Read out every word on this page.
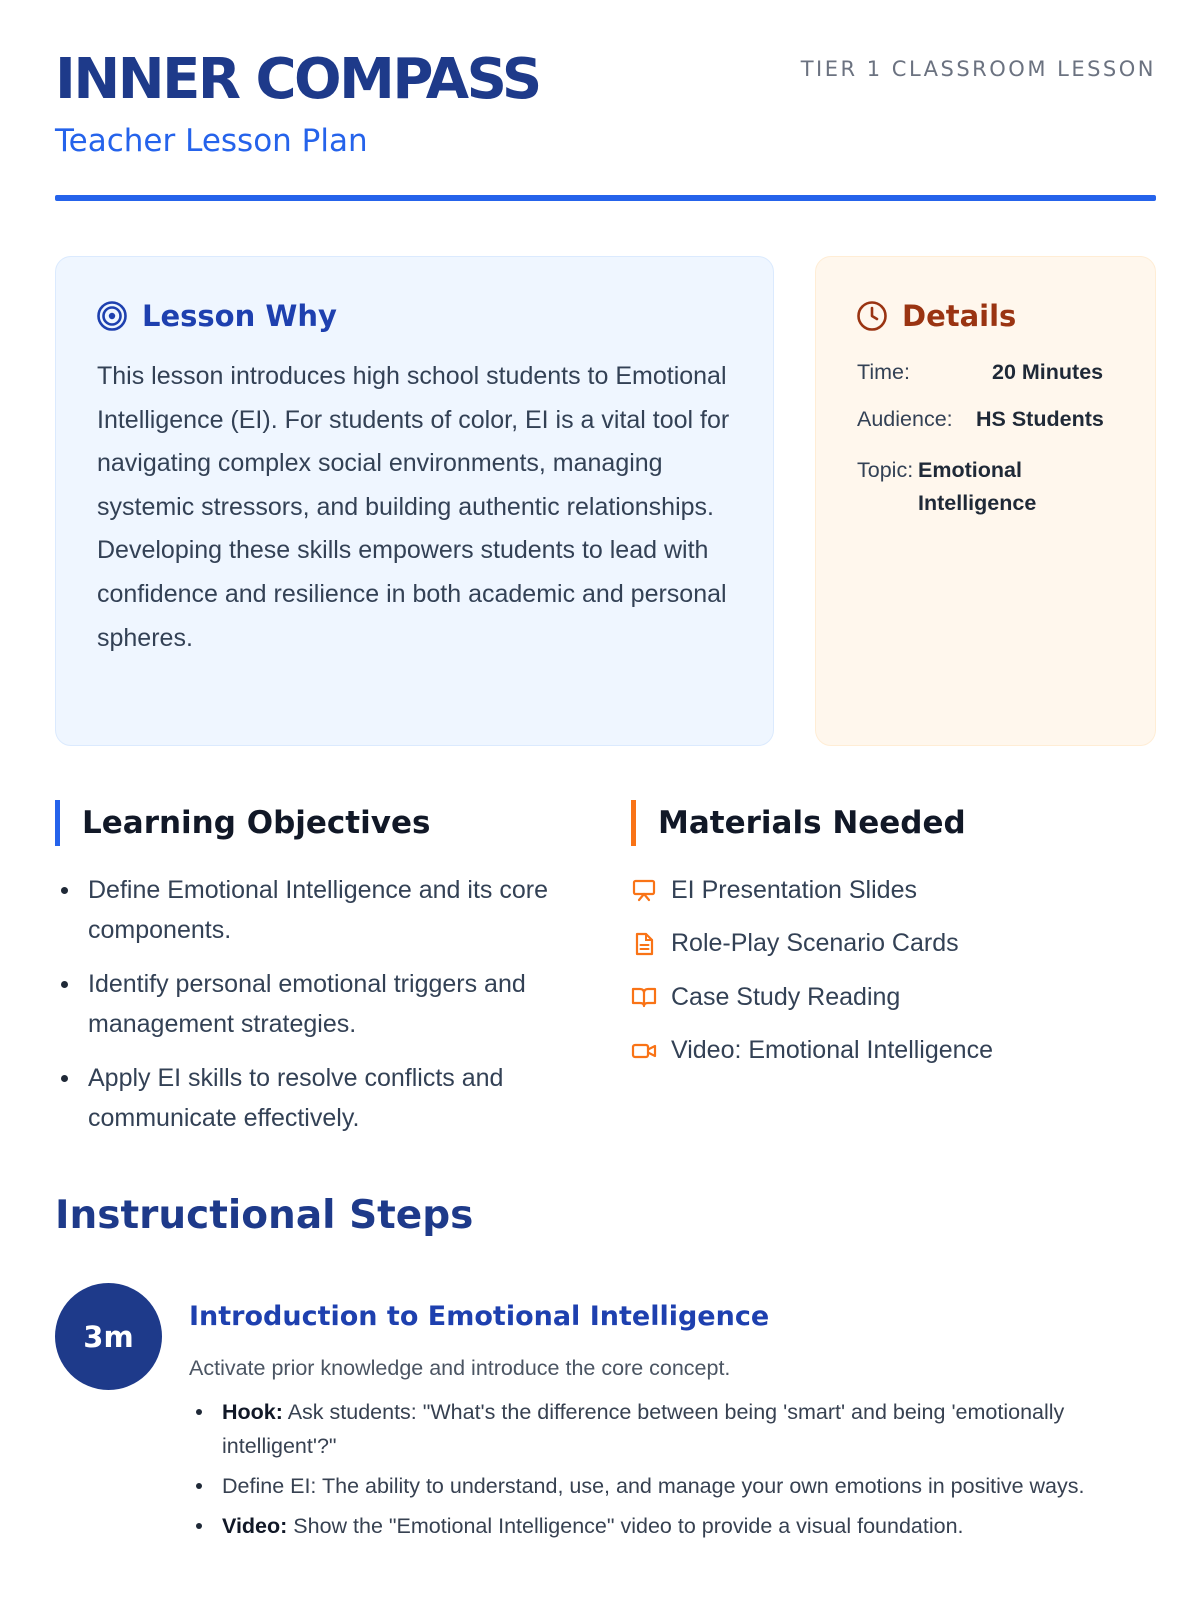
INNER COMPASS
Teacher Lesson Plan
TIER 1 CLASSROOM LESSON
Lesson Why

This lesson introduces high school students to Emotional Intelligence (EI). For students of color, EI is a vital tool for navigating complex social environments, managing systemic stressors, and building authentic relationships. Developing these skills empowers students to lead with confidence and resilience in both academic and personal spheres.

Details
Time:	20 Minutes
Audience: HS Students
Topic: Emotional Intelligence
Learning Objectives
Define Emotional Intelligence and its core components.
Identify personal emotional triggers and management strategies.
Apply EI skills to resolve conflicts and communicate effectively.
Materials Needed
EI Presentation Slides
Role-Play Scenario Cards
Case Study Reading
Video: Emotional Intelligence
Instructional Steps
3m
Introduction to Emotional Intelligence
Activate prior knowledge and introduce the core concept.
Hook: Ask students: "What's the difference between being 'smart' and being 'emotionally intelligent'?"
Define EI: The ability to understand, use, and manage your own emotions in positive ways.
Video: Show the "Emotional Intelligence" video to provide a visual foundation.
